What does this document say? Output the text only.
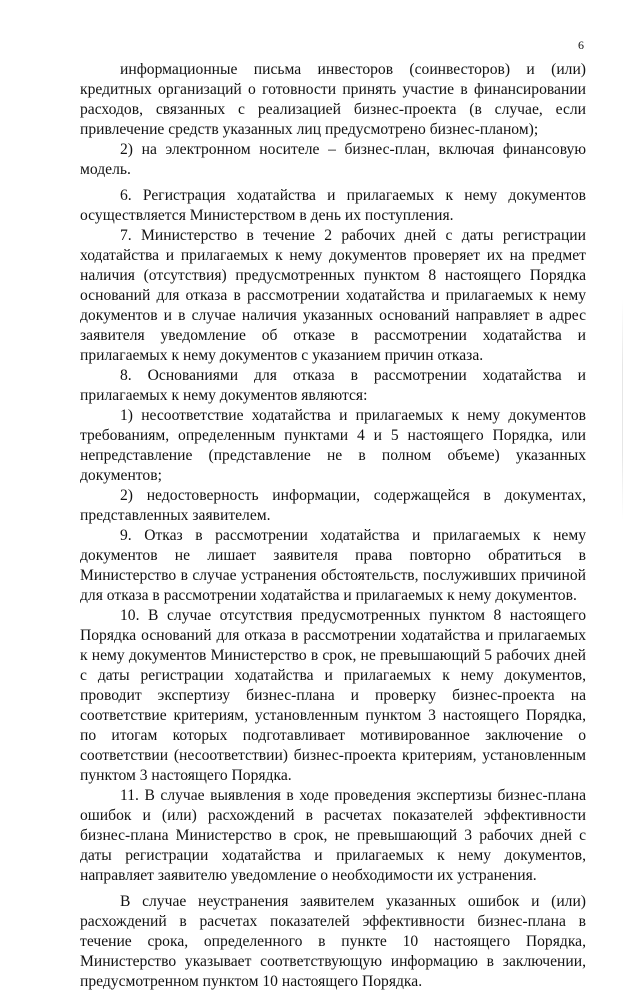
6

информационные письма инвесторов (соинвесторов) и (или) кредитных организаций о готовности принять участие в финансировании расходов, связанных с реализацией бизнес-проекта (в случае, если привлечение средств указанных лиц предусмотрено бизнес-планом);

2) на электронном носителе – бизнес-план, включая финансовую модель.

6. Регистрация ходатайства и прилагаемых к нему документов осуществляется Министерством в день их поступления.

7. Министерство в течение 2 рабочих дней с даты регистрации ходатайства и прилагаемых к нему документов проверяет их на предмет наличия (отсутствия) предусмотренных пунктом 8 настоящего Порядка оснований для отказа в рассмотрении ходатайства и прилагаемых к нему документов и в случае наличия указанных оснований направляет в адрес заявителя уведомление об отказе в рассмотрении ходатайства и прилагаемых к нему документов с указанием причин отказа.

8. Основаниями для отказа в рассмотрении ходатайства и прилагаемых к нему документов являются:

1) несоответствие ходатайства и прилагаемых к нему документов требованиям, определенным пунктами 4 и 5 настоящего Порядка, или непредставление (представление не в полном объеме) указанных документов;

2) недостоверность информации, содержащейся в документах, представленных заявителем.

9. Отказ в рассмотрении ходатайства и прилагаемых к нему документов не лишает заявителя права повторно обратиться в Министерство в случае устранения обстоятельств, послуживших причиной для отказа в рассмотрении ходатайства и прилагаемых к нему документов.

10. В случае отсутствия предусмотренных пунктом 8 настоящего Порядка оснований для отказа в рассмотрении ходатайства и прилагаемых к нему документов Министерство в срок, не превышающий 5 рабочих дней с даты регистрации ходатайства и прилагаемых к нему документов, проводит экспертизу бизнес-плана и проверку бизнес-проекта на соответствие критериям, установленным пунктом 3 настоящего Порядка, по итогам которых подготавливает мотивированное заключение о соответствии (несоответствии) бизнес-проекта критериям, установленным пунктом 3 настоящего Порядка.

11. В случае выявления в ходе проведения экспертизы бизнес-плана ошибок и (или) расхождений в расчетах показателей эффективности бизнес-плана Министерство в срок, не превышающий 3 рабочих дней с даты регистрации ходатайства и прилагаемых к нему документов, направляет заявителю уведомление о необходимости их устранения.

В случае неустранения заявителем указанных ошибок и (или) расхождений в расчетах показателей эффективности бизнес-плана в течение срока, определенного в пункте 10 настоящего Порядка, Министерство указывает соответствующую информацию в заключении, предусмотренном пунктом 10 настоящего Порядка.
